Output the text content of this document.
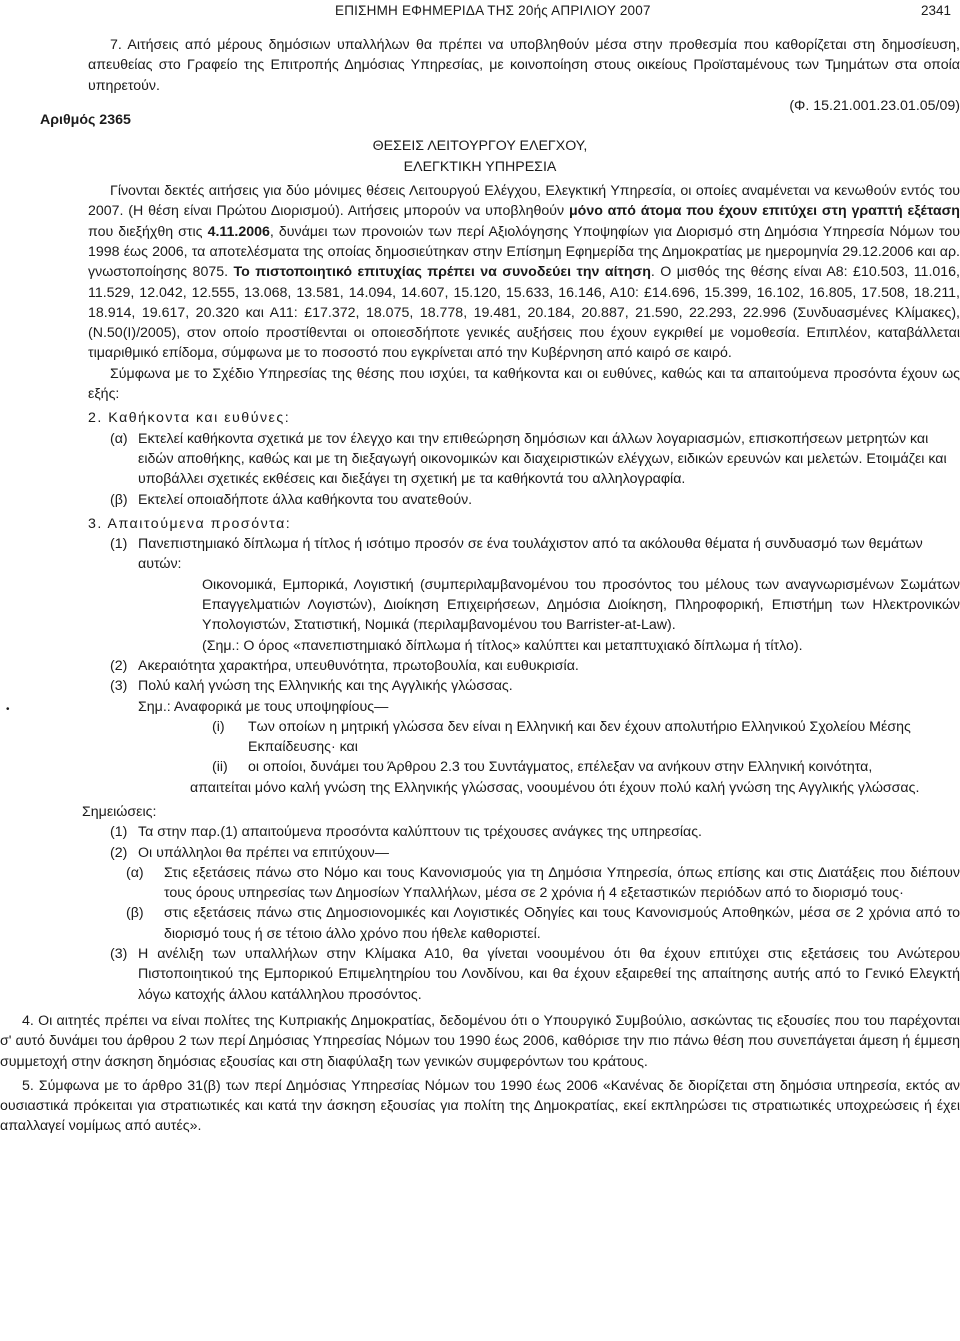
ΕΠΙΣΗΜΗ ΕΦΗΜΕΡΙΔΑ ΤΗΣ 20ής ΑΠΡΙΛΙΟΥ 2007	2341
•

7. Αιτήσεις από μέρους δημόσιων υπαλλήλων θα πρέπει να υποβληθούν μέσα στην προθεσμία που καθορίζεται στη δημοσίευση, απευθείας στο Γραφείο της Επιτροπής Δημόσιας Υπηρεσίας, με κοινοποίηση στους οικείους Προϊσταμένους των Τμημάτων στα οποία υπηρετούν.

(Φ. 15.21.001.23.01.05/09)

Αριθμός 2365

ΘΕΣΕΙΣ ΛΕΙΤΟΥΡΓΟΥ ΕΛΕΓΧΟΥ,

ΕΛΕΓΚΤΙΚΗ ΥΠΗΡΕΣΙΑ

Γίνονται δεκτές αιτήσεις για δύο μόνιμες θέσεις Λειτουργού Ελέγχου, Ελεγκτική Υπηρεσία, οι οποίες αναμένεται να κενωθούν εντός του 2007. (Η θέση είναι Πρώτου Διορισμού). Αιτήσεις μπορούν να υποβληθούν μόνο από άτομα που έχουν επιτύχει στη γραπτή εξέταση που διεξήχθη στις 4.11.2006, δυνάμει των προνοιών των περί Αξιολόγησης Υποψηφίων για Διορισμό στη Δημόσια Υπηρεσία Νόμων του 1998 έως 2006, τα αποτελέσματα της οποίας δημοσιεύτηκαν στην Επίσημη Εφημερίδα της Δημοκρατίας με ημερομηνία 29.12.2006 και αρ. γνωστοποίησης 8075. Το πιστοποιητικό επιτυχίας πρέπει να συνοδεύει την αίτηση. Ο μισθός της θέσης είναι Α8: £10.503, 11.016, 11.529, 12.042, 12.555, 13.068, 13.581, 14.094, 14.607, 15.120, 15.633, 16.146, Α10: £14.696, 15.399, 16.102, 16.805, 17.508, 18.211, 18.914, 19.617, 20.320 και Α11: £17.372, 18.075, 18.778, 19.481, 20.184, 20.887, 21.590, 22.293, 22.996 (Συνδυασμένες Κλίμακες), (Ν.50(Ι)/2005), στον οποίο προστίθενται οι οποιεσδήποτε γενικές αυξήσεις που έχουν εγκριθεί με νομοθεσία. Επιπλέον, καταβάλλεται τιμαριθμικό επίδομα, σύμφωνα με το ποσοστό που εγκρίνεται από την Κυβέρνηση από καιρό σε καιρό.

Σύμφωνα με το Σχέδιο Υπηρεσίας της θέσης που ισχύει, τα καθήκοντα και οι ευθύνες, καθώς και τα απαιτούμενα προσόντα έχουν ως εξής:

2. Καθήκοντα και ευθύνες:

(α) Εκτελεί καθήκοντα σχετικά με τον έλεγχο και την επιθεώρηση δημόσιων και άλλων λογαριασμών, επισκοπήσεων μετρητών και ειδών αποθήκης, καθώς και με τη διεξαγωγή οικονομικών και διαχειριστικών ελέγχων, ειδικών ερευνών και μελετών. Ετοιμάζει και υποβάλλει σχετικές εκθέσεις και διεξάγει τη σχετική με τα καθήκοντά του αλληλογραφία.

(β) Εκτελεί οποιαδήποτε άλλα καθήκοντα του ανατεθούν.

3. Απαιτούμενα προσόντα:

(1) Πανεπιστημιακό δίπλωμα ή τίτλος ή ισότιμο προσόν σε ένα τουλάχιστον από τα ακόλουθα θέματα ή συνδυασμό των θεμάτων αυτών:

Οικονομικά, Εμπορικά, Λογιστική (συμπεριλαμβανομένου του προσόντος του μέλους των αναγνωρισμένων Σωμάτων Επαγγελματιών Λογιστών), Διοίκηση Επιχειρήσεων, Δημόσια Διοίκηση, Πληροφορική, Επιστήμη των Ηλεκτρονικών Υπολογιστών, Στατιστική, Νομικά (περιλαμβανομένου του Barrister-at-Law).

(Σημ.: Ο όρος «πανεπιστημιακό δίπλωμα ή τίτλος» καλύπτει και μεταπτυχιακό δίπλωμα ή τίτλο).

(2) Ακεραιότητα χαρακτήρα, υπευθυνότητα, πρωτοβουλία, και ευθυκρισία.

(3) Πολύ καλή γνώση της Ελληνικής και της Αγγλικής γλώσσας.

Σημ.: Αναφορικά με τους υποψηφίους—

(i) Των οποίων η μητρική γλώσσα δεν είναι η Ελληνική και δεν έχουν απολυτήριο Ελληνικού Σχολείου Μέσης Εκπαίδευσης· και

(ii) οι οποίοι, δυνάμει του Άρθρου 2.3 του Συντάγματος, επέλεξαν να ανήκουν στην Ελληνική κοινότητα,

απαιτείται μόνο καλή γνώση της Ελληνικής γλώσσας, νοουμένου ότι έχουν πολύ καλή γνώση της Αγγλικής γλώσσας.

Σημειώσεις:

(1) Τα στην παρ.(1) απαιτούμενα προσόντα καλύπτουν τις τρέχουσες ανάγκες της υπηρεσίας.

(2) Οι υπάλληλοι θα πρέπει να επιτύχουν—

(α) Στις εξετάσεις πάνω στο Νόμο και τους Κανονισμούς για τη Δημόσια Υπηρεσία, όπως επίσης και στις Διατάξεις που διέπουν τους όρους υπηρεσίας των Δημοσίων Υπαλλήλων, μέσα σε 2 χρόνια ή 4 εξεταστικών περιόδων από το διορισμό τους·

(β) στις εξετάσεις πάνω στις Δημοσιονομικές και Λογιστικές Οδηγίες και τους Κανονισμούς Αποθηκών, μέσα σε 2 χρόνια από το διορισμό τους ή σε τέτοιο άλλο χρόνο που ήθελε καθοριστεί.

(3) Η ανέλιξη των υπαλλήλων στην Κλίμακα Α10, θα γίνεται νοουμένου ότι θα έχουν επιτύχει στις εξετάσεις του Ανώτερου Πιστοποιητικού της Εμπορικού Επιμελητηρίου του Λονδίνου, και θα έχουν εξαιρεθεί της απαίτησης αυτής από το Γενικό Ελεγκτή λόγω κατοχής άλλου κατάλληλου προσόντος.

4. Οι αιτητές πρέπει να είναι πολίτες της Κυπριακής Δημοκρατίας, δεδομένου ότι ο Υπουργικό Συμβούλιο, ασκώντας τις εξουσίες που του παρέχονται σ' αυτό δυνάμει του άρθρου 2 των περί Δημόσιας Υπηρεσίας Νόμων του 1990 έως 2006, καθόρισε την πιο πάνω θέση που συνεπάγεται άμεση ή έμμεση συμμετοχή στην άσκηση δημόσιας εξουσίας και στη διαφύλαξη των γενικών συμφερόντων του κράτους.

5. Σύμφωνα με το άρθρο 31(β) των περί Δημόσιας Υπηρεσίας Νόμων του 1990 έως 2006 «Κανένας δε διορίζεται στη δημόσια υπηρεσία, εκτός αν ουσιαστικά πρόκειται για στρατιωτικές και κατά την άσκηση εξουσίας για πολίτη της Δημοκρατίας, εκεί εκπληρώσει τις στρατιωτικές υποχρεώσεις ή έχει απαλλαγεί νομίμως από αυτές».
